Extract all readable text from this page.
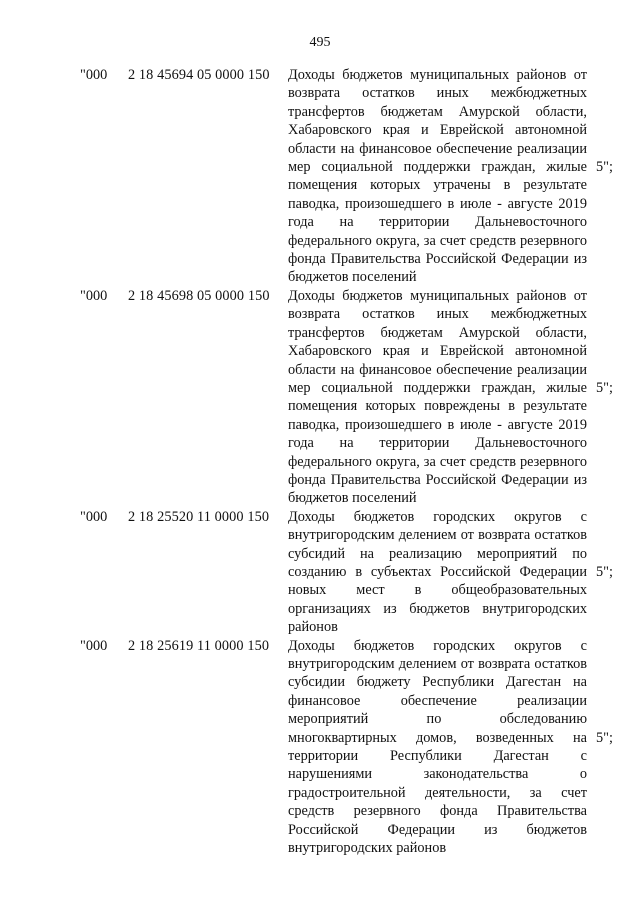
495
"000 2 18 45694 05 0000 150 Доходы бюджетов муниципальных районов от возврата остатков иных межбюджетных трансфертов бюджетам Амурской области, Хабаровского края и Еврейской автономной области на финансовое обеспечение реализации мер социальной поддержки граждан, жилые помещения которых утрачены в результате паводка, произошедшего в июле - августе 2019 года на территории Дальневосточного федерального округа, за счет средств резервного фонда Правительства Российской Федерации из бюджетов поселений
5";
"000 2 18 45698 05 0000 150 Доходы бюджетов муниципальных районов от возврата остатков иных межбюджетных трансфертов бюджетам Амурской области, Хабаровского края и Еврейской автономной области на финансовое обеспечение реализации мер социальной поддержки граждан, жилые помещения которых повреждены в результате паводка, произошедшего в июле - августе 2019 года на территории Дальневосточного федерального округа, за счет средств резервного фонда Правительства Российской Федерации из бюджетов поселений
5";
"000 2 18 25520 11 0000 150 Доходы бюджетов городских округов с внутригородским делением от возврата остатков субсидий на реализацию мероприятий по созданию в субъектах Российской Федерации новых мест в общеобразовательных организациях из бюджетов внутригородских районов
5";
"000 2 18 25619 11 0000 150 Доходы бюджетов городских округов с внутригородским делением от возврата остатков субсидии бюджету Республики Дагестан на финансовое обеспечение реализации мероприятий по обследованию многоквартирных домов, возведенных на территории Республики Дагестан с нарушениями законодательства о градостроительной деятельности, за счет средств резервного фонда Правительства Российской Федерации из бюджетов внутригородских районов
5";
